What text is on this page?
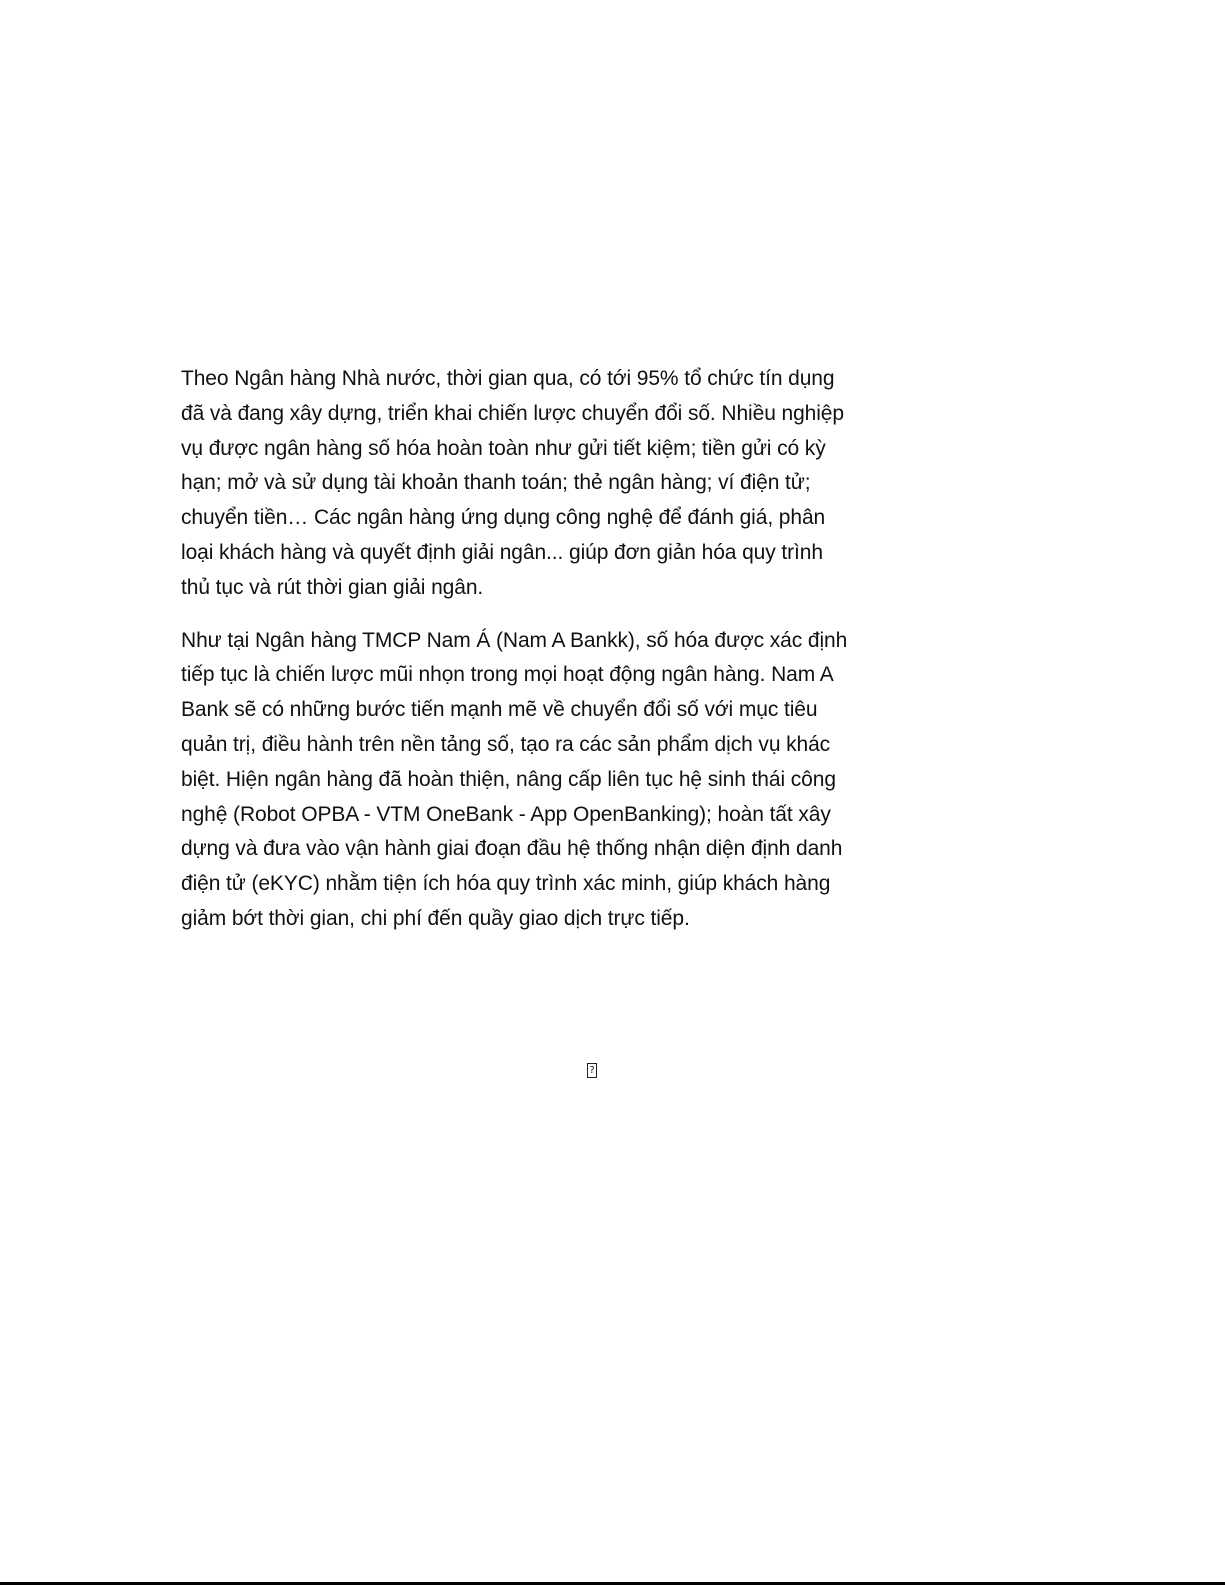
Theo Ngân hàng Nhà nước, thời gian qua, có tới 95% tổ chức tín dụng
đã và đang xây dựng, triển khai chiến lược chuyển đổi số. Nhiều nghiệp
vụ được ngân hàng số hóa hoàn toàn như gửi tiết kiệm; tiền gửi có kỳ
hạn; mở và sử dụng tài khoản thanh toán; thẻ ngân hàng; ví điện tử;
chuyển tiền… Các ngân hàng ứng dụng công nghệ để đánh giá, phân
loại khách hàng và quyết định giải ngân... giúp đơn giản hóa quy trình
thủ tục và rút thời gian giải ngân.

Như tại Ngân hàng TMCP Nam Á (Nam A Bankk), số hóa được xác định
tiếp tục là chiến lược mũi nhọn trong mọi hoạt động ngân hàng. Nam A
Bank sẽ có những bước tiến mạnh mẽ về chuyển đổi số với mục tiêu
quản trị, điều hành trên nền tảng số, tạo ra các sản phẩm dịch vụ khác
biệt. Hiện ngân hàng đã hoàn thiện, nâng cấp liên tục hệ sinh thái công
nghệ (Robot OPBA - VTM OneBank - App OpenBanking); hoàn tất xây
dựng và đưa vào vận hành giai đoạn đầu hệ thống nhận diện định danh
điện tử (eKYC) nhằm tiện ích hóa quy trình xác minh, giúp khách hàng
giảm bớt thời gian, chi phí đến quầy giao dịch trực tiếp.

?
